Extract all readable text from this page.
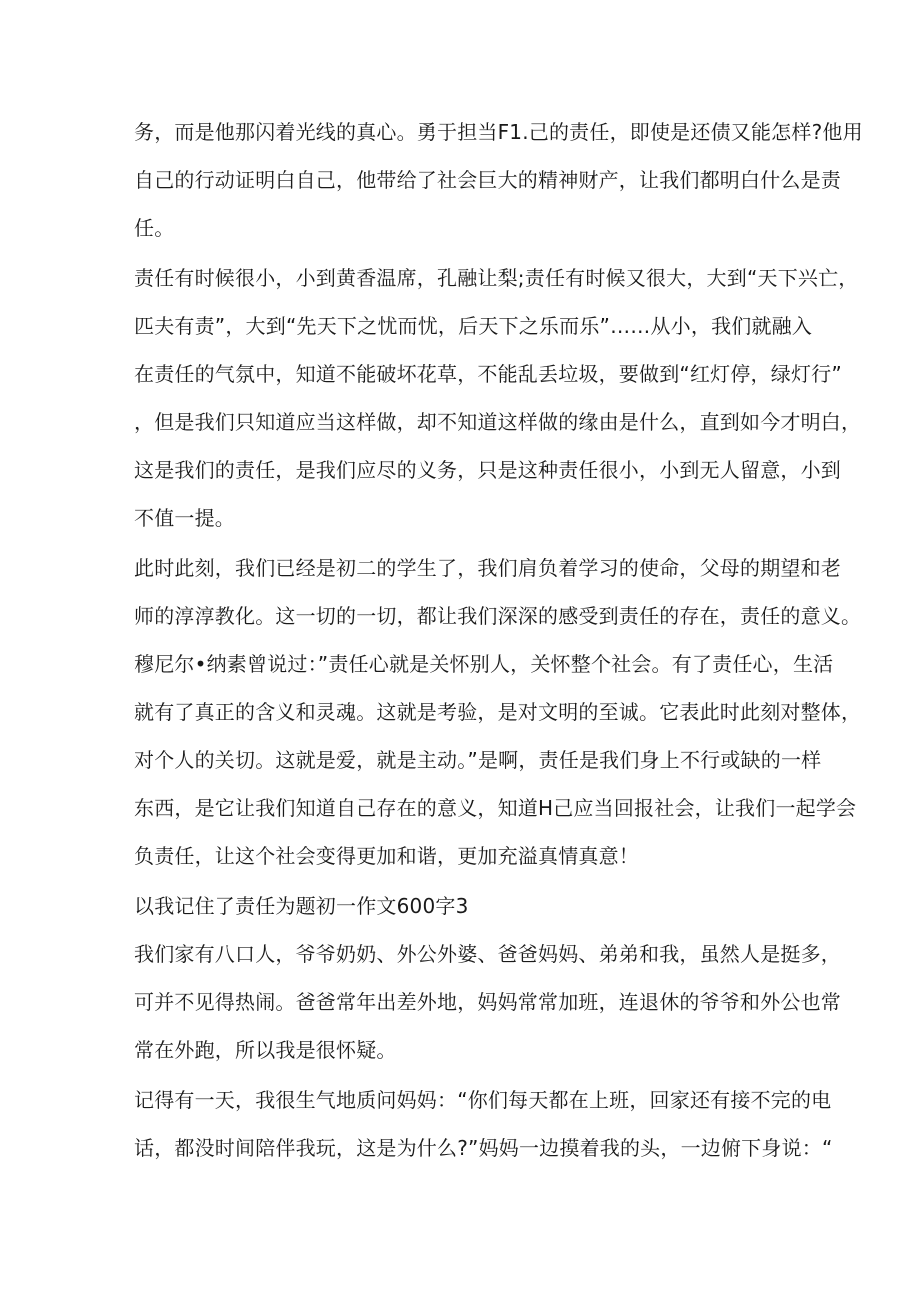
务，而是他那闪着光线的真心。勇于担当F1.己的责任，即使是还债又能怎样?他用
自己的行动证明白自己，他带给了社会巨大的精神财产，让我们都明白什么是责
任。
责任有时候很小，小到黄香温席，孔融让梨;责任有时候又很大，大到“天下兴亡，
匹夫有责”，大到“先天下之忧而忧，后天下之乐而乐”……从小，我们就融入
在责任的气氛中，知道不能破坏花草，不能乱丢垃圾，要做到“红灯停，绿灯行”
，但是我们只知道应当这样做，却不知道这样做的缘由是什么，直到如今才明白，
这是我们的责任，是我们应尽的义务，只是这种责任很小，小到无人留意，小到
不值一提。
此时此刻，我们已经是初二的学生了，我们肩负着学习的使命，父母的期望和老
师的淳淳教化。这一切的一切，都让我们深深的感受到责任的存在，责任的意义。
穆尼尔•纳素曾说过：”责任心就是关怀别人，关怀整个社会。有了责任心，生活
就有了真正的含义和灵魂。这就是考验，是对文明的至诚。它表此时此刻对整体，
对个人的关切。这就是爱，就是主动。”是啊，责任是我们身上不行或缺的一样
东西，是它让我们知道自己存在的意义，知道H己应当回报社会，让我们一起学会
负责任，让这个社会变得更加和谐，更加充溢真情真意！
以我记住了责任为题初一作文600字3
我们家有八口人，爷爷奶奶、外公外婆、爸爸妈妈、弟弟和我，虽然人是挺多，
可并不见得热闹。爸爸常年出差外地，妈妈常常加班，连退休的爷爷和外公也常
常在外跑，所以我是很怀疑。
记得有一天，我很生气地质问妈妈：“你们每天都在上班，回家还有接不完的电
话，都没时间陪伴我玩，这是为什么?”妈妈一边摸着我的头，一边俯下身说：“
